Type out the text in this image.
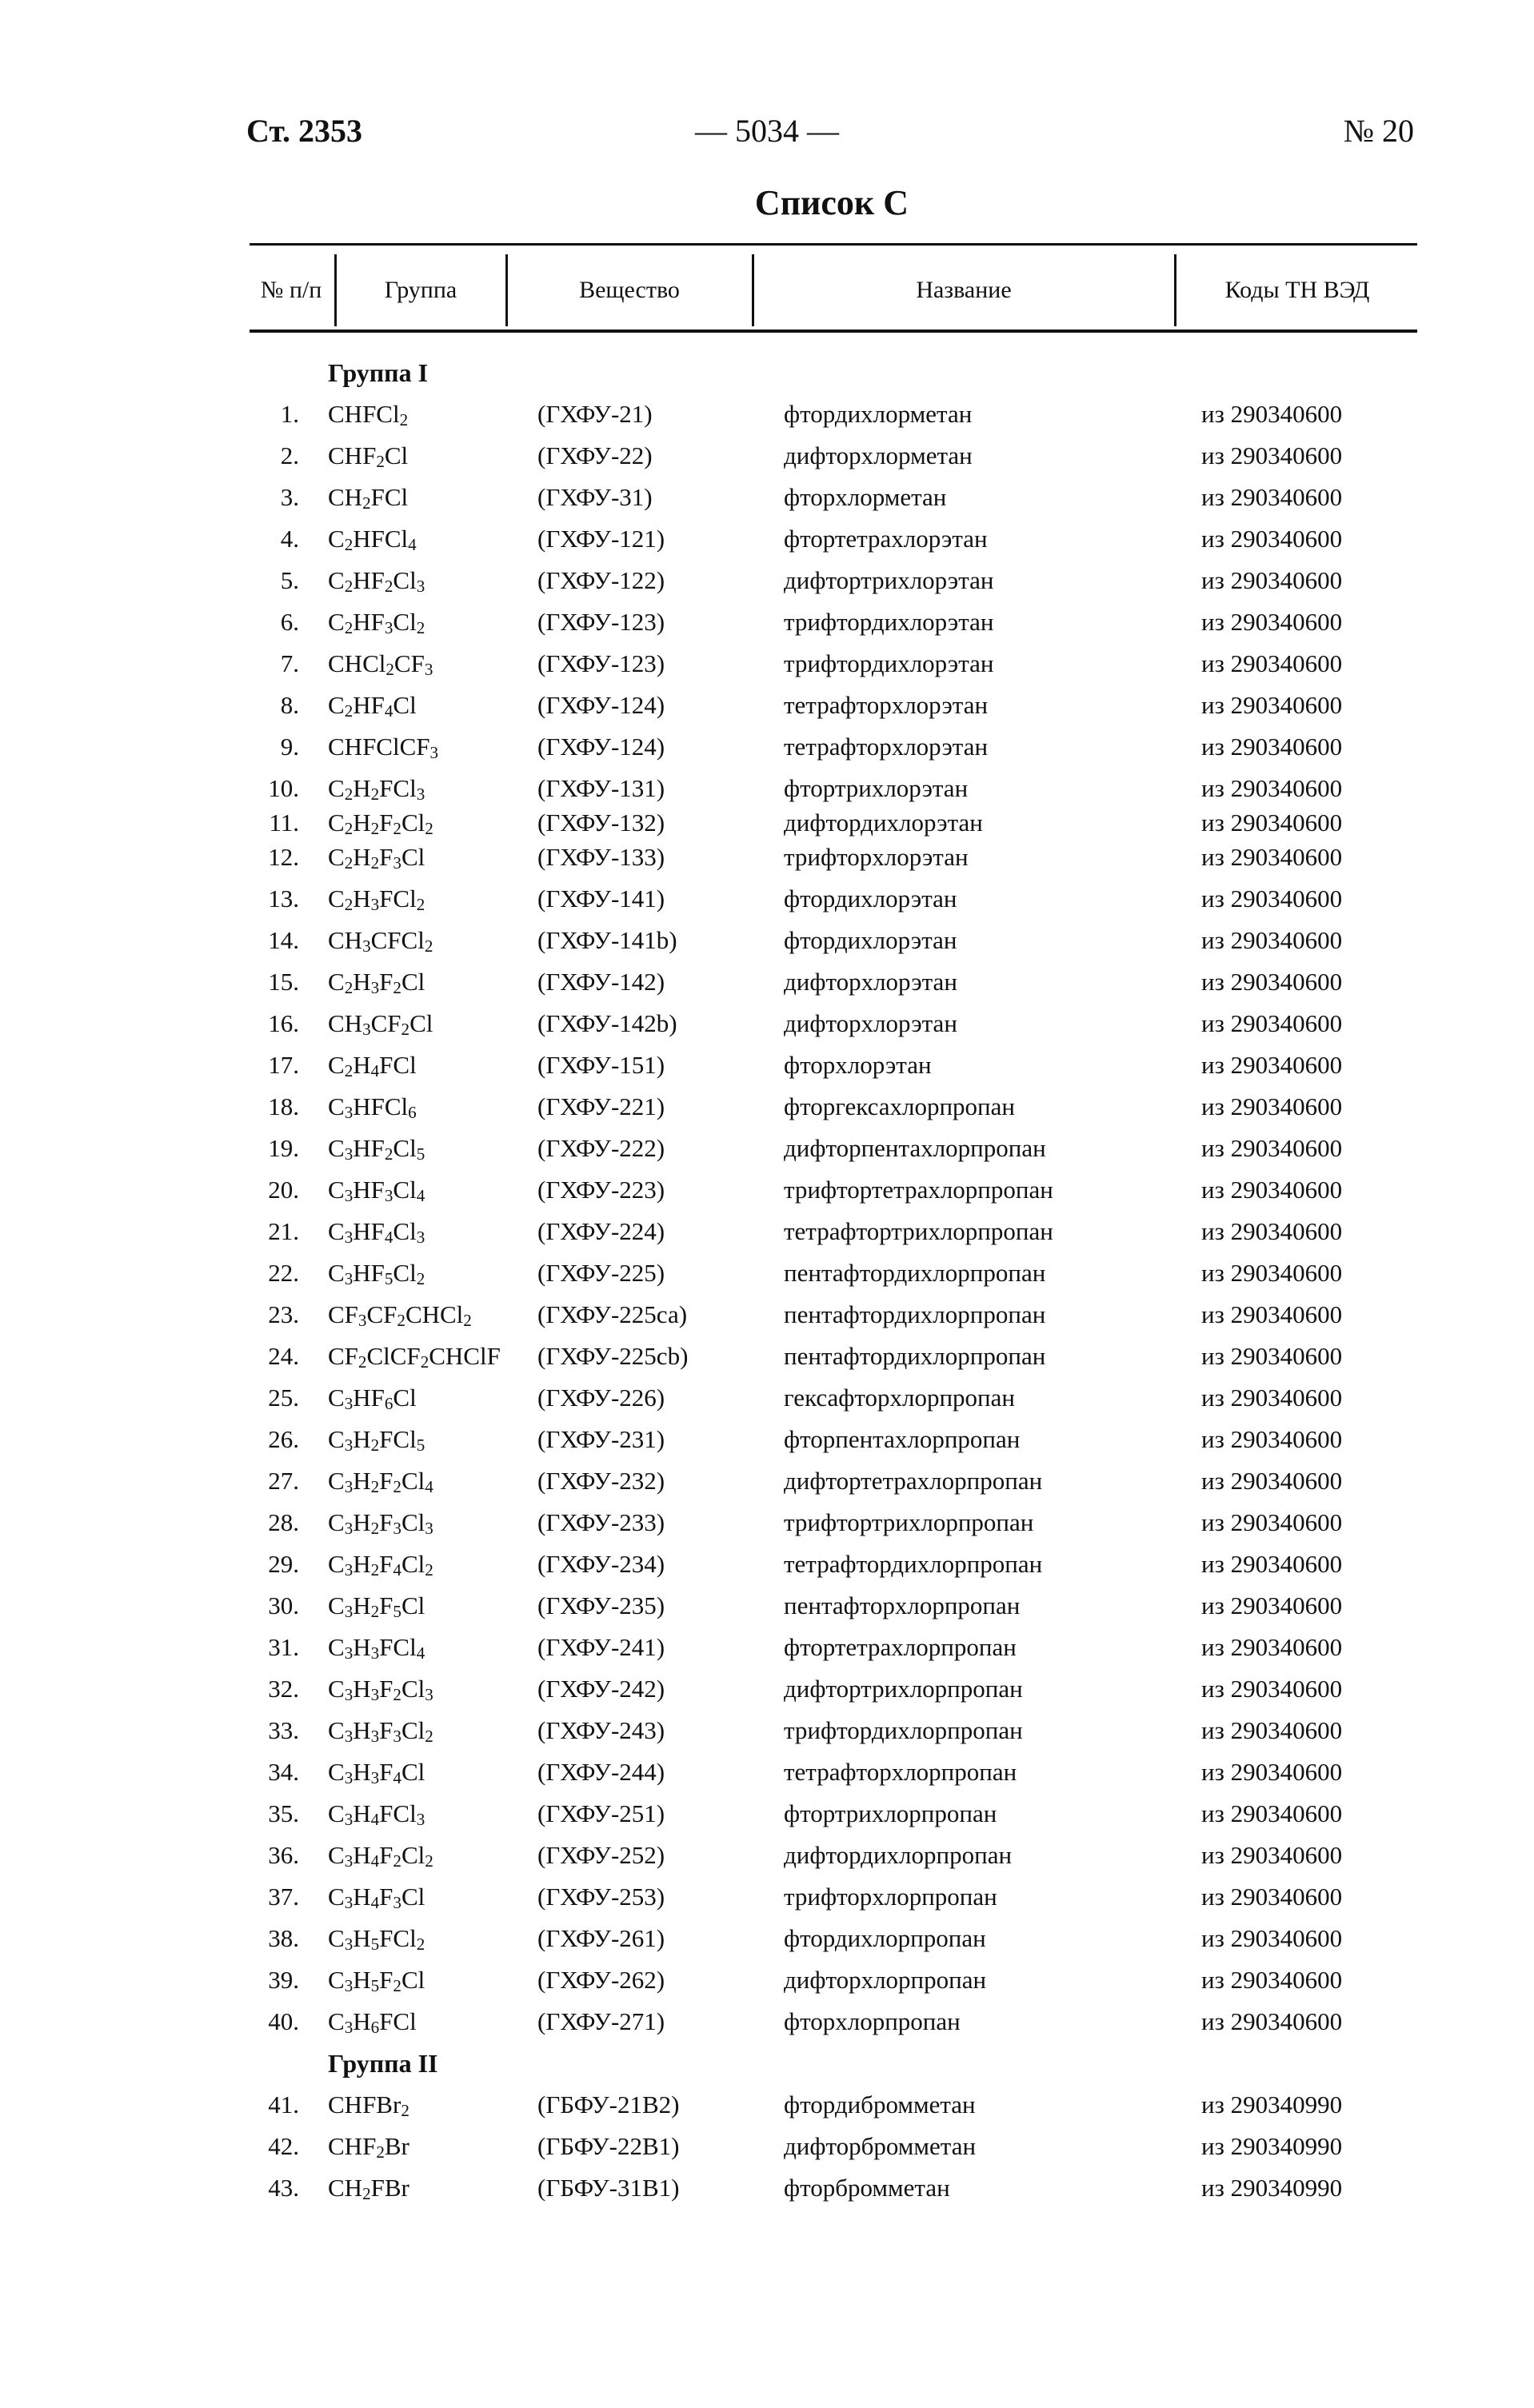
Ст. 2353	— 5034 —	№ 20
Список С
№ п/п	Группа	Вещество	Название	Коды ТН ВЭД
Группа I
1. CHFCl$_2$	(ГХФУ-21)	фтордихлорметан	из 290340600
2. $CHF_2Cl$	(ГХФУ-22)	дифторхлорметан	из 290340600
3. $CH_2FCl$	(ГХФУ-31)	фторхлорметан	из 290340600
4. $C_2HFCl_4$	(ГХФУ-121)	фтортетрахлорэтан	из 290340600
5. $C_2HF_2Cl_3$	(ГХФУ-122)	дифтортрихлорэтан	из 290340600
6. $C_2HF_3Cl_2$	(ГХФУ-123)	трифтордихлорэтан	из 290340600
7. $CHCl_2CF_3$	(ГХФУ-123)	трифтордихлорэтан	из 290340600
8. $C_2HF_4Cl$	(ГХФУ-124)	тетрафторхлорэтан	из 290340600
9. CHFClCF$_3$	(ГХФУ-124)	тетрафторхлорэтан	из 290340600
10. $C_2H_2FCl_3$	(ГХФУ-131)	фтортрихлорэтан	из 290340600
11. $C_2H_2F_2Cl_2$	(ГХФУ-132)	дифтордихлорэтан	из 290340600
12. $C_2H_2F_3Cl$	(ГХФУ-133)	трифторхлорэтан	из 290340600
13. $C_2H_3FCl_2$	(ГХФУ-141)	фтордихлорэтан	из 290340600
14. $CH_3CFCl_2$	(ГХФУ-141b)	фтордихлорэтан	из 290340600
15. $C_2H_3F_2Cl$	(ГХФУ-142)	дифторхлорэтан	из 290340600
16. $CH_3CF_2Cl$	(ГХФУ-142b)	дифторхлорэтан	из 290340600
17. $C_2H_4FCl$	(ГХФУ-151)	фторхлорэтан	из 290340600
18. $C_3HFCl_6$	(ГХФУ-221)	фторгексахлорпропан	из 290340600
19. $C_3HF_2Cl_5$	(ГХФУ-222)	дифторпентахлорпропан	из 290340600
20. $C_3HF_3Cl_4$	(ГХФУ-223)	трифтортетрахлорпропан	из 290340600
21. $C_3HF_4Cl_3$	(ГХФУ-224)	тетрафтортрихлорпропан	из 290340600
22. $C_3HF_5Cl_2$	(ГХФУ-225)	пентафтордихлорпропан	из 290340600
23. $CF_3CF_2CHCl_2$	(ГХФУ-225са)	пентафтордихлорпропан	из 290340600
24. $CF_2ClCF_2CHClF$ (ГХФУ-225сb)	пентафтордихлорпропан	из 290340600
25. $C_3HF_6Cl$	(ГХФУ-226)	гексафторхлорпропан	из 290340600
26. $C_3H_2FCl_5$	(ГХФУ-231)	фторпентахлорпропан	из 290340600
27. $C_3H_2F_2Cl_4$	(ГХФУ-232)	дифтортетрахлорпропан	из 290340600
28. $C_3H_2F_3Cl_3$	(ГХФУ-233)	трифтортрихлорпропан	из 290340600
29. $C_3H_2F_4Cl_2$	(ГХФУ-234)	тетрафтордихлорпропан	из 290340600
30. $C_3H_2F_5Cl$	(ГХФУ-235)	пентафторхлорпропан	из 290340600
31. $C_3H_3FCl_4$	(ГХФУ-241)	фтортетрахлорпропан	из 290340600
32. $C_3H_3F_2Cl_3$	(ГХФУ-242)	дифтортрихлорпропан	из 290340600
33. $C_3H_3F_3Cl_2$	(ГХФУ-243)	трифтордихлорпропан	из 290340600
34. $C_3H_3F_4Cl$	(ГХФУ-244)	тетрафторхлорпропан	из 290340600
35. $C_3H_4FCl_3$	(ГХФУ-251)	фтортрихлорпропан	из 290340600
36. $C_3H_4F_2Cl_2$	(ГХФУ-252)	дифтордихлорпропан	из 290340600
37. $C_3H_4F_3Cl$	(ГХФУ-253)	трифторхлорпропан	из 290340600
38. $C_3H_5FCl_2$	(ГХФУ-261)	фтордихлорпропан	из 290340600
39. $C_3H_5F_2Cl$	(ГХФУ-262)	дифторхлорпропан	из 290340600
40. $C_3H_6FCl$	(ГХФУ-271)	фторхлорпропан	из 290340600
Группа II
41. CHFBr$_2$	(ГБФУ-21В2)	фтордибромметан	из 290340990
42. $CHF_2Br$	(ГБФУ-22В1)	дифторбромметан	из 290340990
43. $CH_2FBr$	(ГБФУ-31В1)	фторбромметан	из 290340990
